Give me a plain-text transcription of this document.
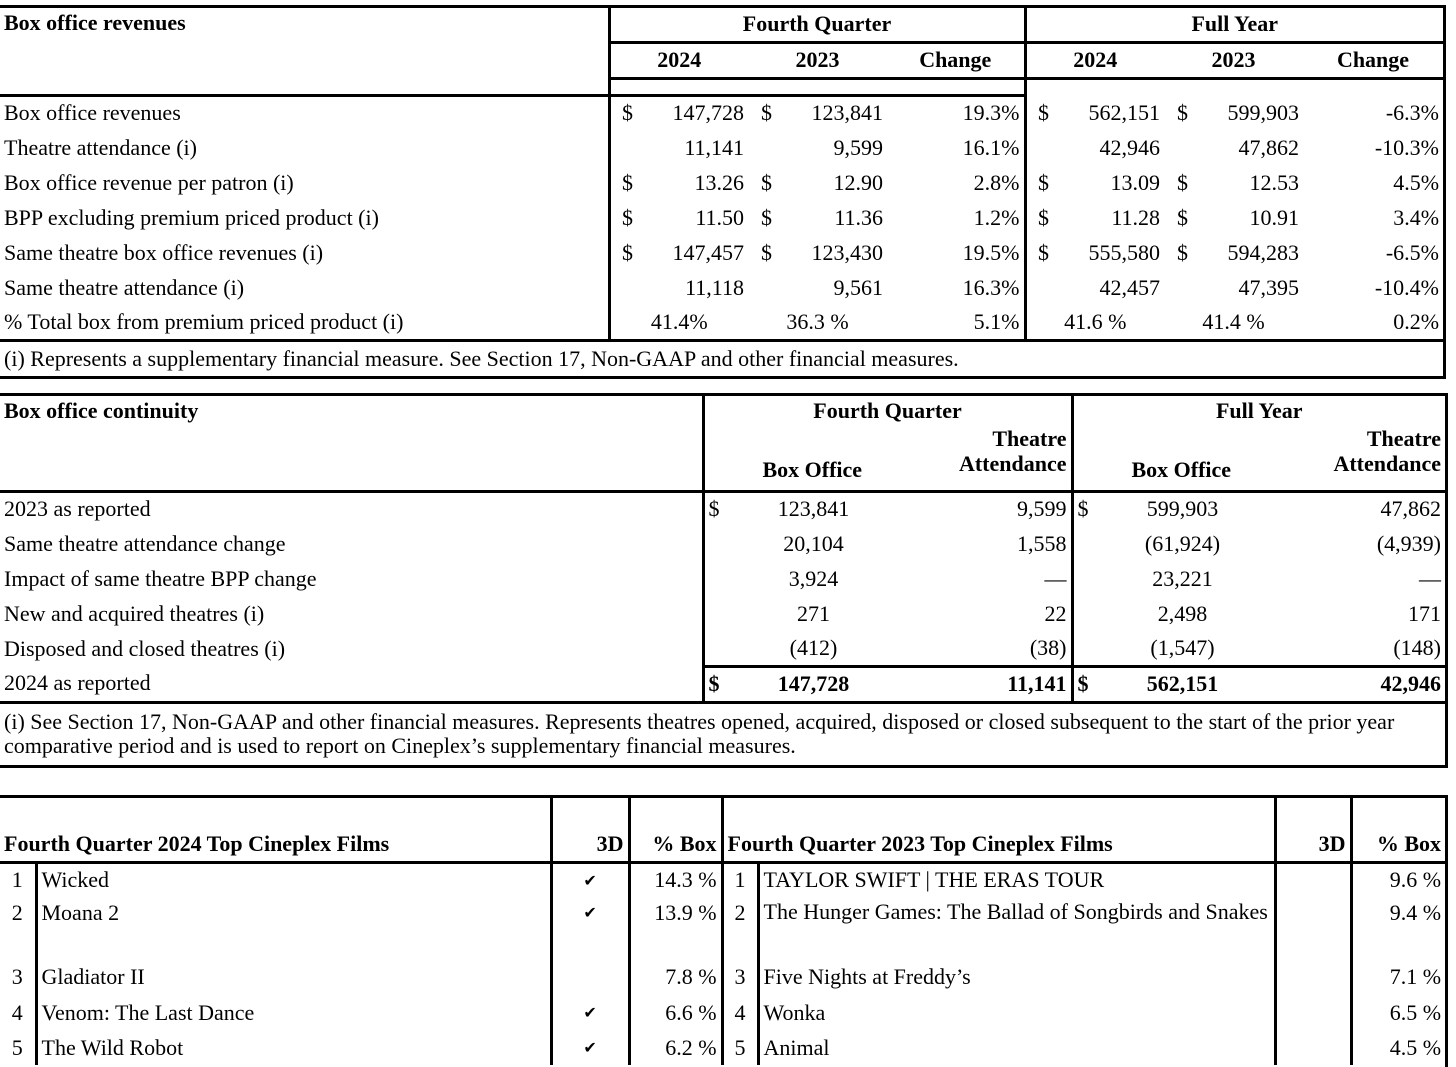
Box office revenues	Fourth Quarter			Full Year		
	2024	2023	Change	2024	2023	Change

Box office revenues	$ 147,728	$ 123,841	19.3%	$ 562,151	$ 599,903	-6.3%
Theatre attendance (i)	11,141	9,599	16.1%	42,946	47,862	-10.3%
Box office revenue per patron (i)	$ 13.26	$ 12.90	2.8%	$ 13.09	$ 12.53	4.5%
BPP excluding premium priced product (i)	$ 11.50	$ 11.36	1.2%	$ 11.28	$ 10.91	3.4%
Same theatre box office revenues (i)	$ 147,457	$ 123,430	19.5%	$ 555,580	$ 594,283	-6.5%
Same theatre attendance (i)	11,118	9,561	16.3%	42,457	47,395	-10.4%
% Total box from premium priced product (i)	41.4%	36.3 %	5.1%	41.6 %	41.4 %	0.2%
(i) Represents a supplementary financial measure. See Section 17, Non-GAAP and other financial measures.						
Box office continuity	Fourth Quarter			Full Year		
			Theatre			Theatre
	Box Office		Attendance	Box Office		Attendance
2023 as reported	$	123,841	9,599	$	599,903	47,862
Same theatre attendance change		20,104	1,558		(61,924)	(4,939)
Impact of same theatre BPP change		3,924	—		23,221	—
New and acquired theatres (i)		271	22		2,498	171
Disposed and closed theatres (i)		(412)	(38)		(1,547)	(148)
2024 as reported	$	147,728	11,141	$	562,151	42,946
(i) See Section 17, Non-GAAP and other financial measures. Represents theatres opened, acquired, disposed or closed subsequent to the start of the prior year comparative period and is used to report on Cineplex’s supplementary financial measures.						
Fourth Quarter 2024 Top Cineplex Films		3D	% Box	Fourth Quarter 2023 Top Cineplex Films		3D	% Box
1	Wicked	✔	14.3 %	1	TAYLOR SWIFT | THE ERAS TOUR		9.6 %
2	Moana 2	✔	13.9 %	2	The Hunger Games: The Ballad of Songbirds and Snakes		9.4 %
3	Gladiator II		7.8 %	3	Five Nights at Freddy’s		7.1 %
4	Venom: The Last Dance	✔	6.6 %	4	Wonka		6.5 %
5	The Wild Robot	✔	6.2 %	5	Animal		4.5 %
